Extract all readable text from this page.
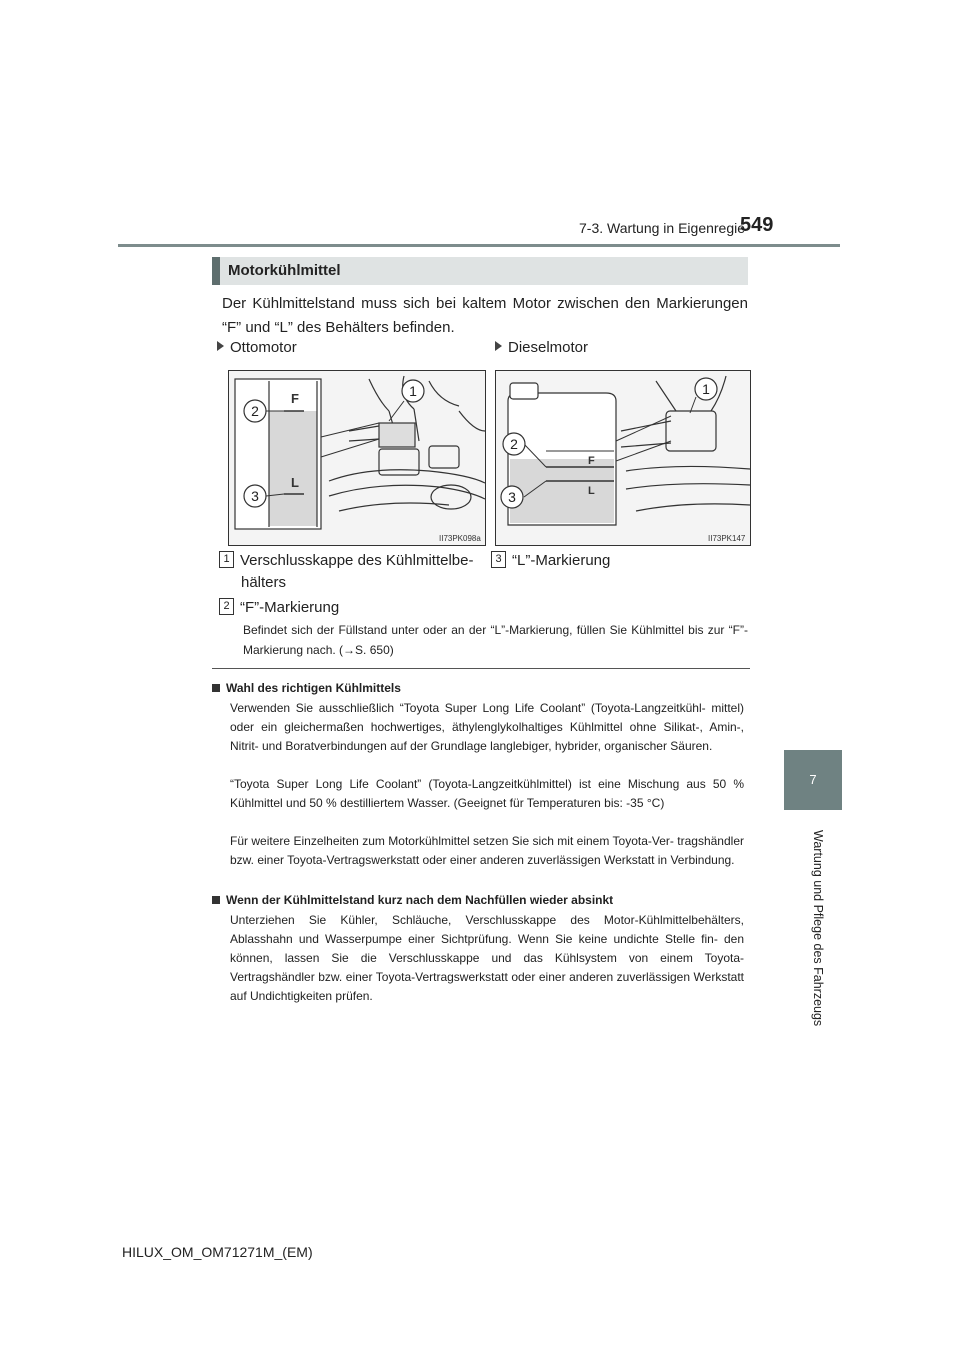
7-3. Wartung in Eigenregie
549
7
Wartung und Pflege des Fahrzeugs
Motorkühlmittel
Der Kühlmittelstand muss sich bei kaltem Motor zwischen den Markierungen “F” und “L” des Behälters befinden.
Ottomotor	Dieselmotor
F
L
2
3
1
II73PK098a
F
L
2
3
1
II73PK147
1 Verschlusskappe des Kühlmittelbe-
hälters
3 “L”-Markierung
2 “F”-Markierung
Befindet sich der Füllstand unter oder an der “L”-Markierung, füllen Sie Kühlmittel bis zur “F”-Markierung nach. (→S. 650)
Wahl des richtigen Kühlmittels
Verwenden Sie ausschließlich “Toyota Super Long Life Coolant” (Toyota-Langzeitkühl- mittel) oder ein gleichermaßen hochwertiges, äthylenglykolhaltiges Kühlmittel ohne Silikat-, Amin-, Nitrit- und Boratverbindungen auf der Grundlage langlebiger, hybrider, organischer Säuren.
“Toyota Super Long Life Coolant” (Toyota-Langzeitkühlmittel) ist eine Mischung aus 50 % Kühlmittel und 50 % destilliertem Wasser. (Geeignet für Temperaturen bis: -35 °C)
Für weitere Einzelheiten zum Motorkühlmittel setzen Sie sich mit einem Toyota-Ver- tragshändler bzw. einer Toyota-Vertragswerkstatt oder einer anderen zuverlässigen Werkstatt in Verbindung.
Wenn der Kühlmittelstand kurz nach dem Nachfüllen wieder absinkt
Unterziehen Sie Kühler, Schläuche, Verschlusskappe des Motor-Kühlmittelbehälters, Ablasshahn und Wasserpumpe einer Sichtprüfung. Wenn Sie keine undichte Stelle fin- den können, lassen Sie die Verschlusskappe und das Kühlsystem von einem Toyota- Vertragshändler bzw. einer Toyota-Vertragswerkstatt oder einer anderen zuverlässigen Werkstatt auf Undichtigkeiten prüfen.
HILUX_OM_OM71271M_(EM)
